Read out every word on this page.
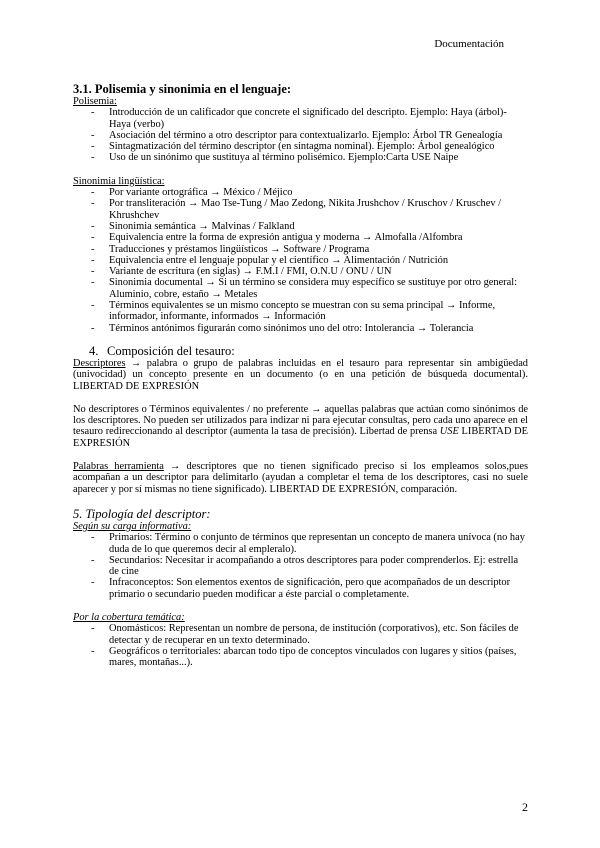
Documentación
3.1. Polisemia y sinonimia en el lenguaje:
Polisemia:
- Introducción de un calificador que concrete el significado del descripto. Ejemplo: Haya (árbol)-Haya (verbo)
- Asociación del término a otro descriptor para contextualizarlo. Ejemplo: Árbol TR Genealogía
- Sintagmatización del término descriptor (en sintagma nominal). Ejemplo: Árbol genealógico
- Uso de un sinónimo que sustituya al término polisémico. Ejemplo:Carta USE Naipe
Sinonimia lingüística:
- Por variante ortográfica → México / Méjico
- Por transliteración → Mao Tse-Tung / Mao Zedong, Nikita Jrushchov / Kruschov / Kruschev / Khrushchev
- Sinonimia semántica → Malvinas / Falkland
- Equivalencia entre la forma de expresión antigua y moderna → Almofalla /Alfombra
- Traducciones y préstamos lingüísticos → Software / Programa
- Equivalencia entre el lenguaje popular y el científico → Alimentación / Nutrición
- Variante de escritura (en siglas) → F.M.I / FMI, O.N.U / ONU / UN
- Sinonimia documental → Si un término se considera muy específico se sustituye por otro general: Aluminio, cobre, estaño → Metales
- Términos equivalentes se un mismo concepto se muestran con su sema principal → Informe, informador, informante, informados → Información
- Términos antónimos figurarán como sinónimos uno del otro: Intolerancia → Tolerancia
4. Composición del tesauro:

Descriptores → palabra o grupo de palabras incluidas en el tesauro para representar sin ambigüedad (univocidad) un concepto presente en un documento (o en una petición de búsqueda documental). LIBERTAD DE EXPRESIÓN

No descriptores o Términos equivalentes / no preferente → aquellas palabras que actúan como sinónimos de los descriptores. No pueden ser utilizados para indizar ni para ejecutar consultas, pero cada uno aparece en el tesauro redireccionando al descriptor (aumenta la tasa de precisión). Libertad de prensa USE LIBERTAD DE EXPRESIÓN

Palabras herramienta → descriptores que no tienen significado preciso si los empleamos solos,pues acompañan a un descriptor para delimitarlo (ayudan a completar el tema de los descriptores, casi no suele aparecer y por sí mismas no tiene significado). LIBERTAD DE EXPRESIÓN, comparación.

5. Tipología del descriptor:
Según su carga informativa:
- Primarios: Término o conjunto de términos que representan un concepto de manera unívoca (no hay duda de lo que queremos decir al empleralo).
- Secundarios: Necesitar ir acompañando a otros descriptores para poder comprenderlos. Ej: estrella de cine
- Infraconceptos: Son elementos exentos de significación, pero que acompañados de un descriptor primario o secundario pueden modificar a éste parcial o completamente.
Por la cobertura temática:
- Onomásticos: Representan un nombre de persona, de institución (corporativos), etc. Son fáciles de detectar y de recuperar en un texto determinado.
- Geográficos o territoriales: abarcan todo tipo de conceptos vinculados con lugares y sitios (países, mares, montañas...).
2
